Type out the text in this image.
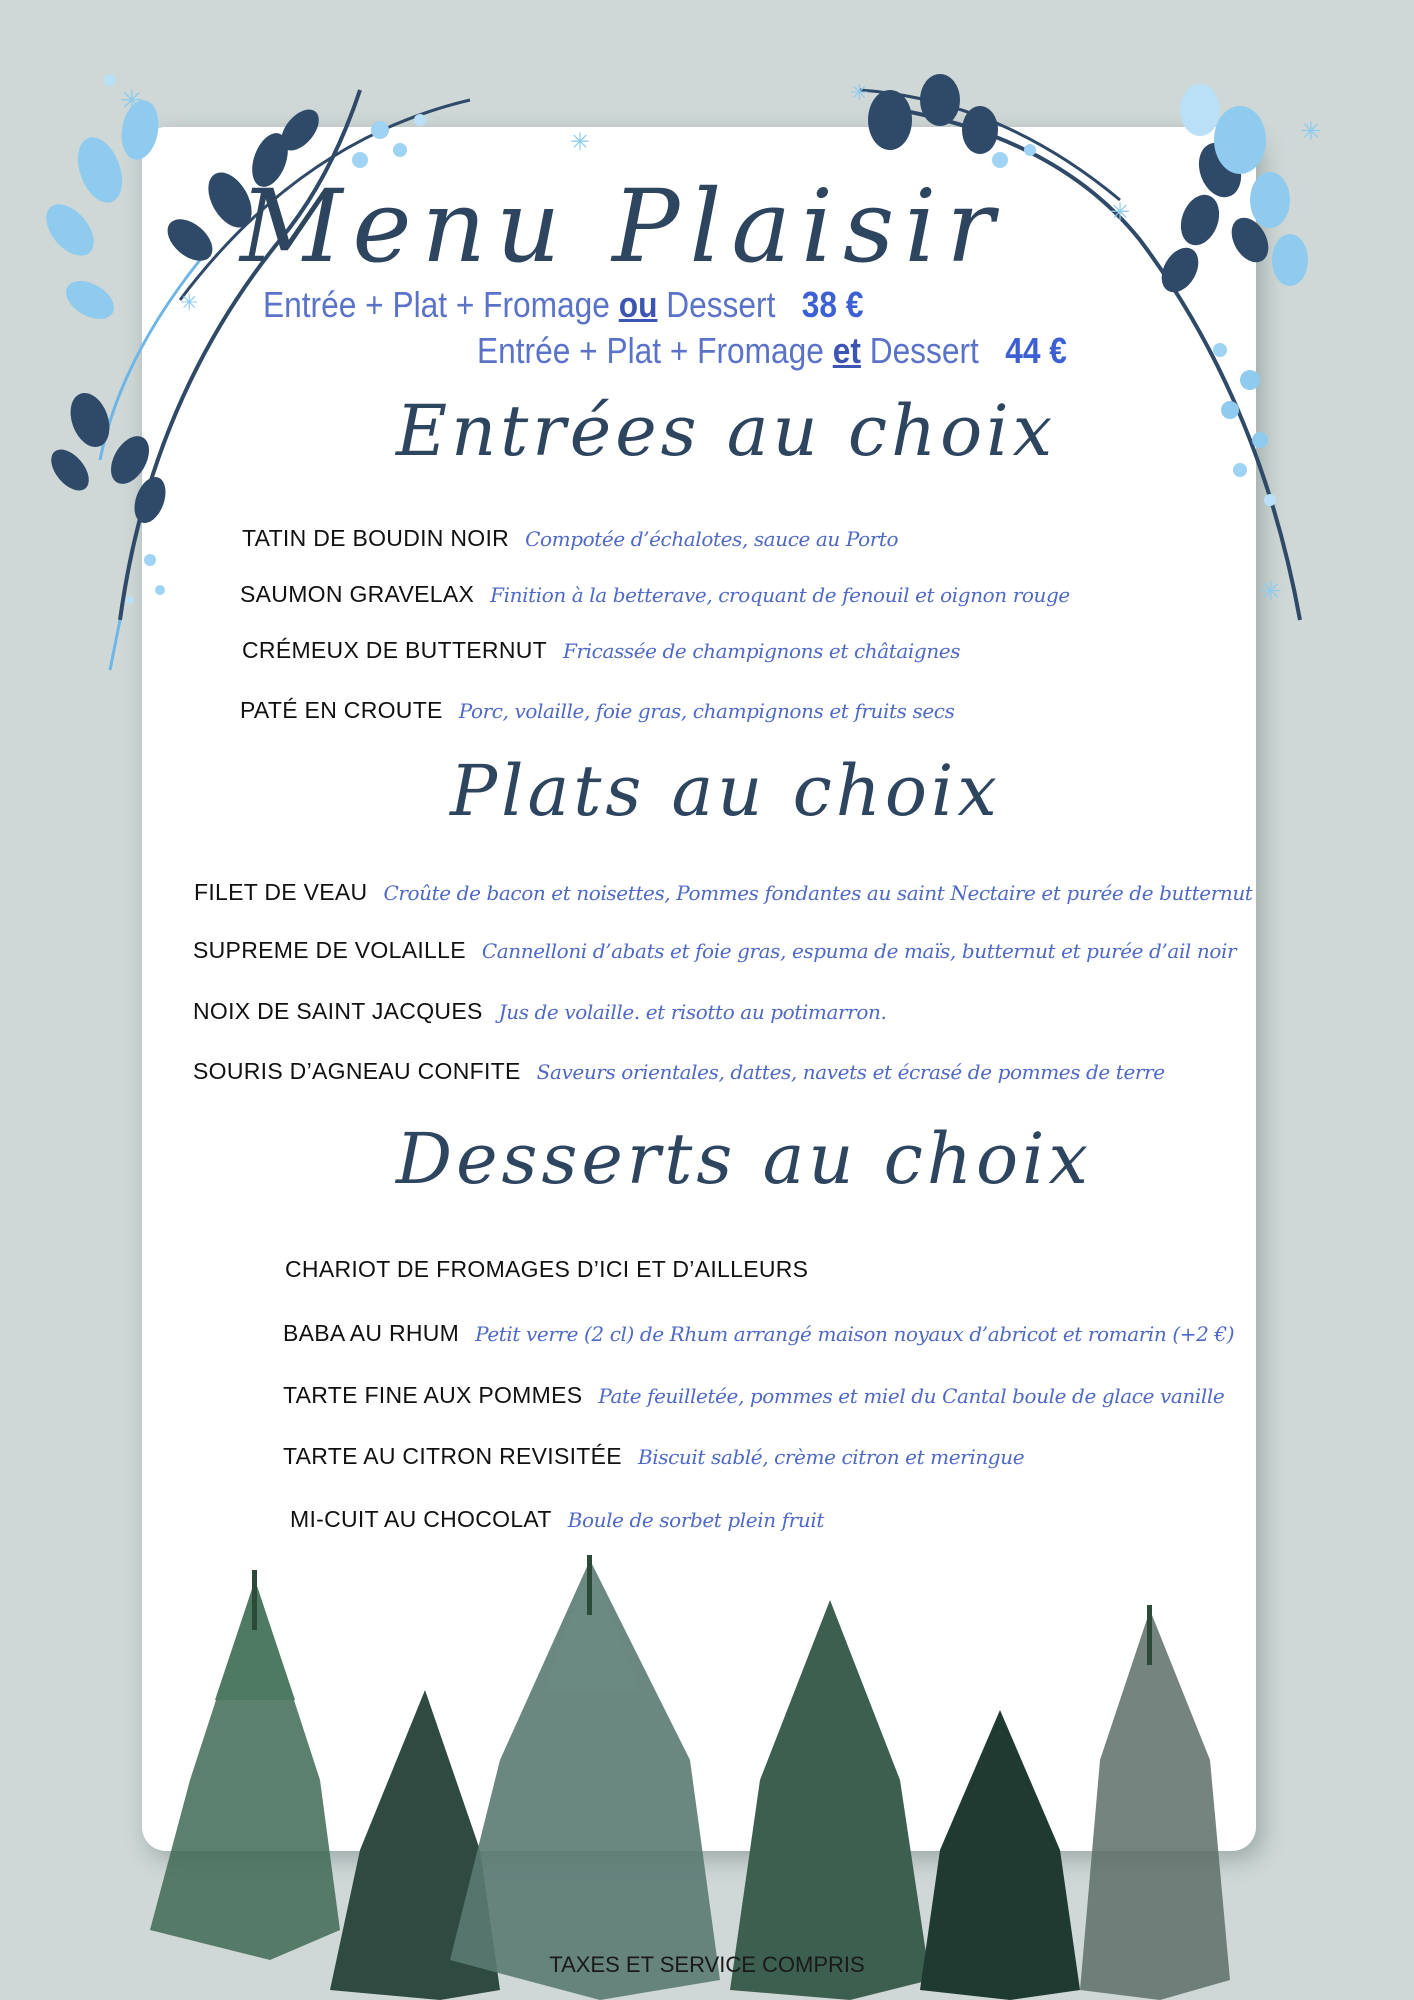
✳
✳
✳
✳
✳
✳
✳
Menu Plaisir
Entrée + Plat + Fromage ou Dessert 38 €
Entrée + Plat + Fromage et Dessert 44 €
Entrées au choix
TATIN DE BOUDIN NOIR Compotée d’échalotes, sauce au Porto
SAUMON GRAVELAX Finition à la betterave, croquant de fenouil et oignon rouge
CRÉMEUX DE BUTTERNUT Fricassée de champignons et châtaignes
PATÉ EN CROUTE Porc, volaille, foie gras, champignons et fruits secs
Plats au choix
FILET DE VEAU Croûte de bacon et noisettes, Pommes fondantes au saint Nectaire et purée de butternut
SUPREME DE VOLAILLE Cannelloni d’abats et foie gras, espuma de maïs, butternut et purée d’ail noir
NOIX DE SAINT JACQUES Jus de volaille. et risotto au potimarron.
SOURIS D’AGNEAU CONFITE Saveurs orientales, dattes, navets et écrasé de pommes de terre
Desserts au choix
CHARIOT DE FROMAGES D’ICI ET D’AILLEURS
BABA AU RHUM Petit verre (2 cl) de Rhum arrangé maison noyaux d’abricot et romarin (+2 €)
TARTE FINE AUX POMMES Pate feuilletée, pommes et miel du Cantal boule de glace vanille
TARTE AU CITRON REVISITÉE Biscuit sablé, crème citron et meringue
MI-CUIT AU CHOCOLAT Boule de sorbet plein fruit
TAXES ET SERVICE COMPRIS
